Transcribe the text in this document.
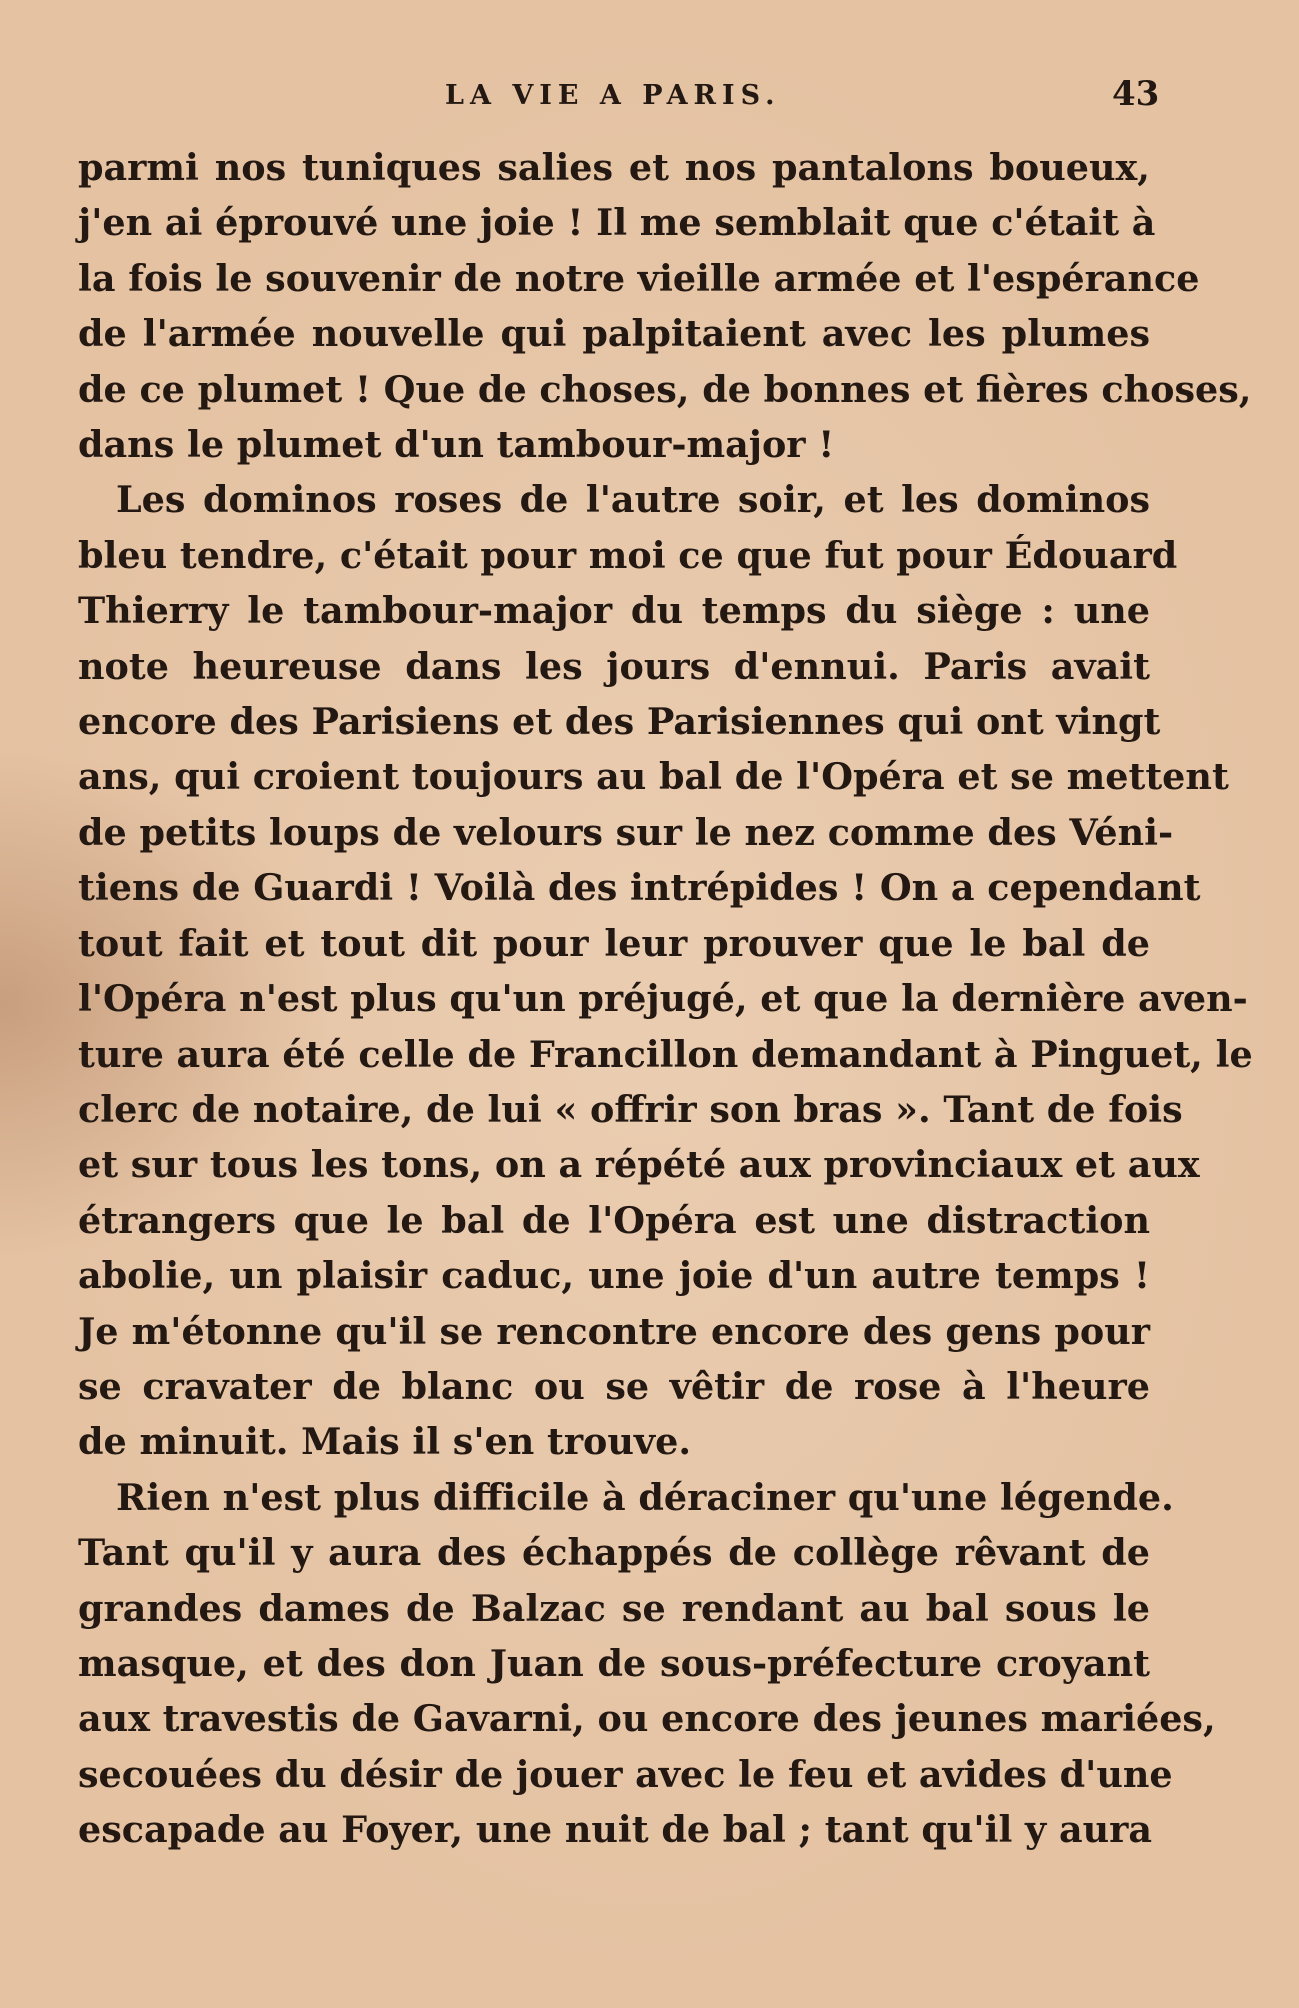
LA VIE A PARIS.	43
parmi nos tuniques salies et nos pantalons boueux,
j'en ai éprouvé une joie ! Il me semblait que c'était à
la fois le souvenir de notre vieille armée et l'espérance
de l'armée nouvelle qui palpitaient avec les plumes
de ce plumet ! Que de choses, de bonnes et fières choses,
dans le plumet d'un tambour-major !
Les dominos roses de l'autre soir, et les dominos
bleu tendre, c'était pour moi ce que fut pour Édouard
Thierry le tambour-major du temps du siège : une
note heureuse dans les jours d'ennui. Paris avait
encore des Parisiens et des Parisiennes qui ont vingt
ans, qui croient toujours au bal de l'Opéra et se mettent
de petits loups de velours sur le nez comme des Véni-
tiens de Guardi ! Voilà des intrépides ! On a cependant
tout fait et tout dit pour leur prouver que le bal de
l'Opéra n'est plus qu'un préjugé, et que la dernière aven-
ture aura été celle de Francillon demandant à Pinguet, le
clerc de notaire, de lui « offrir son bras ». Tant de fois
et sur tous les tons, on a répété aux provinciaux et aux
étrangers que le bal de l'Opéra est une distraction
abolie, un plaisir caduc, une joie d'un autre temps !
Je m'étonne qu'il se rencontre encore des gens pour
se cravater de blanc ou se vêtir de rose à l'heure
de minuit. Mais il s'en trouve.
Rien n'est plus difficile à déraciner qu'une légende.
Tant qu'il y aura des échappés de collège rêvant de
grandes dames de Balzac se rendant au bal sous le
masque, et des don Juan de sous-préfecture croyant
aux travestis de Gavarni, ou encore des jeunes mariées,
secouées du désir de jouer avec le feu et avides d'une
escapade au Foyer, une nuit de bal ; tant qu'il y aura
